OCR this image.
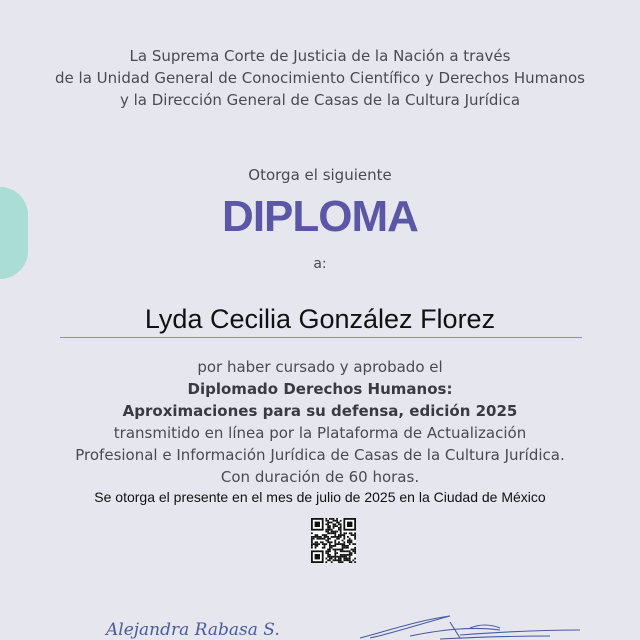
La Suprema Corte de Justicia de la Nación a través
de la Unidad General de Conocimiento Científico y Derechos Humanos
y la Dirección General de Casas de la Cultura Jurídica
Otorga el siguiente
DIPLOMA
a:
Lyda Cecilia González Florez
por haber cursado y aprobado el
Diplomado Derechos Humanos:
Aproximaciones para su defensa, edición 2025
transmitido en línea por la Plataforma de Actualización
Profesional e Información Jurídica de Casas de la Cultura Jurídica.
Con duración de 60 horas.
Se otorga el presente en el mes de julio de 2025 en la Ciudad de México
Alejandra Rabasa S.
